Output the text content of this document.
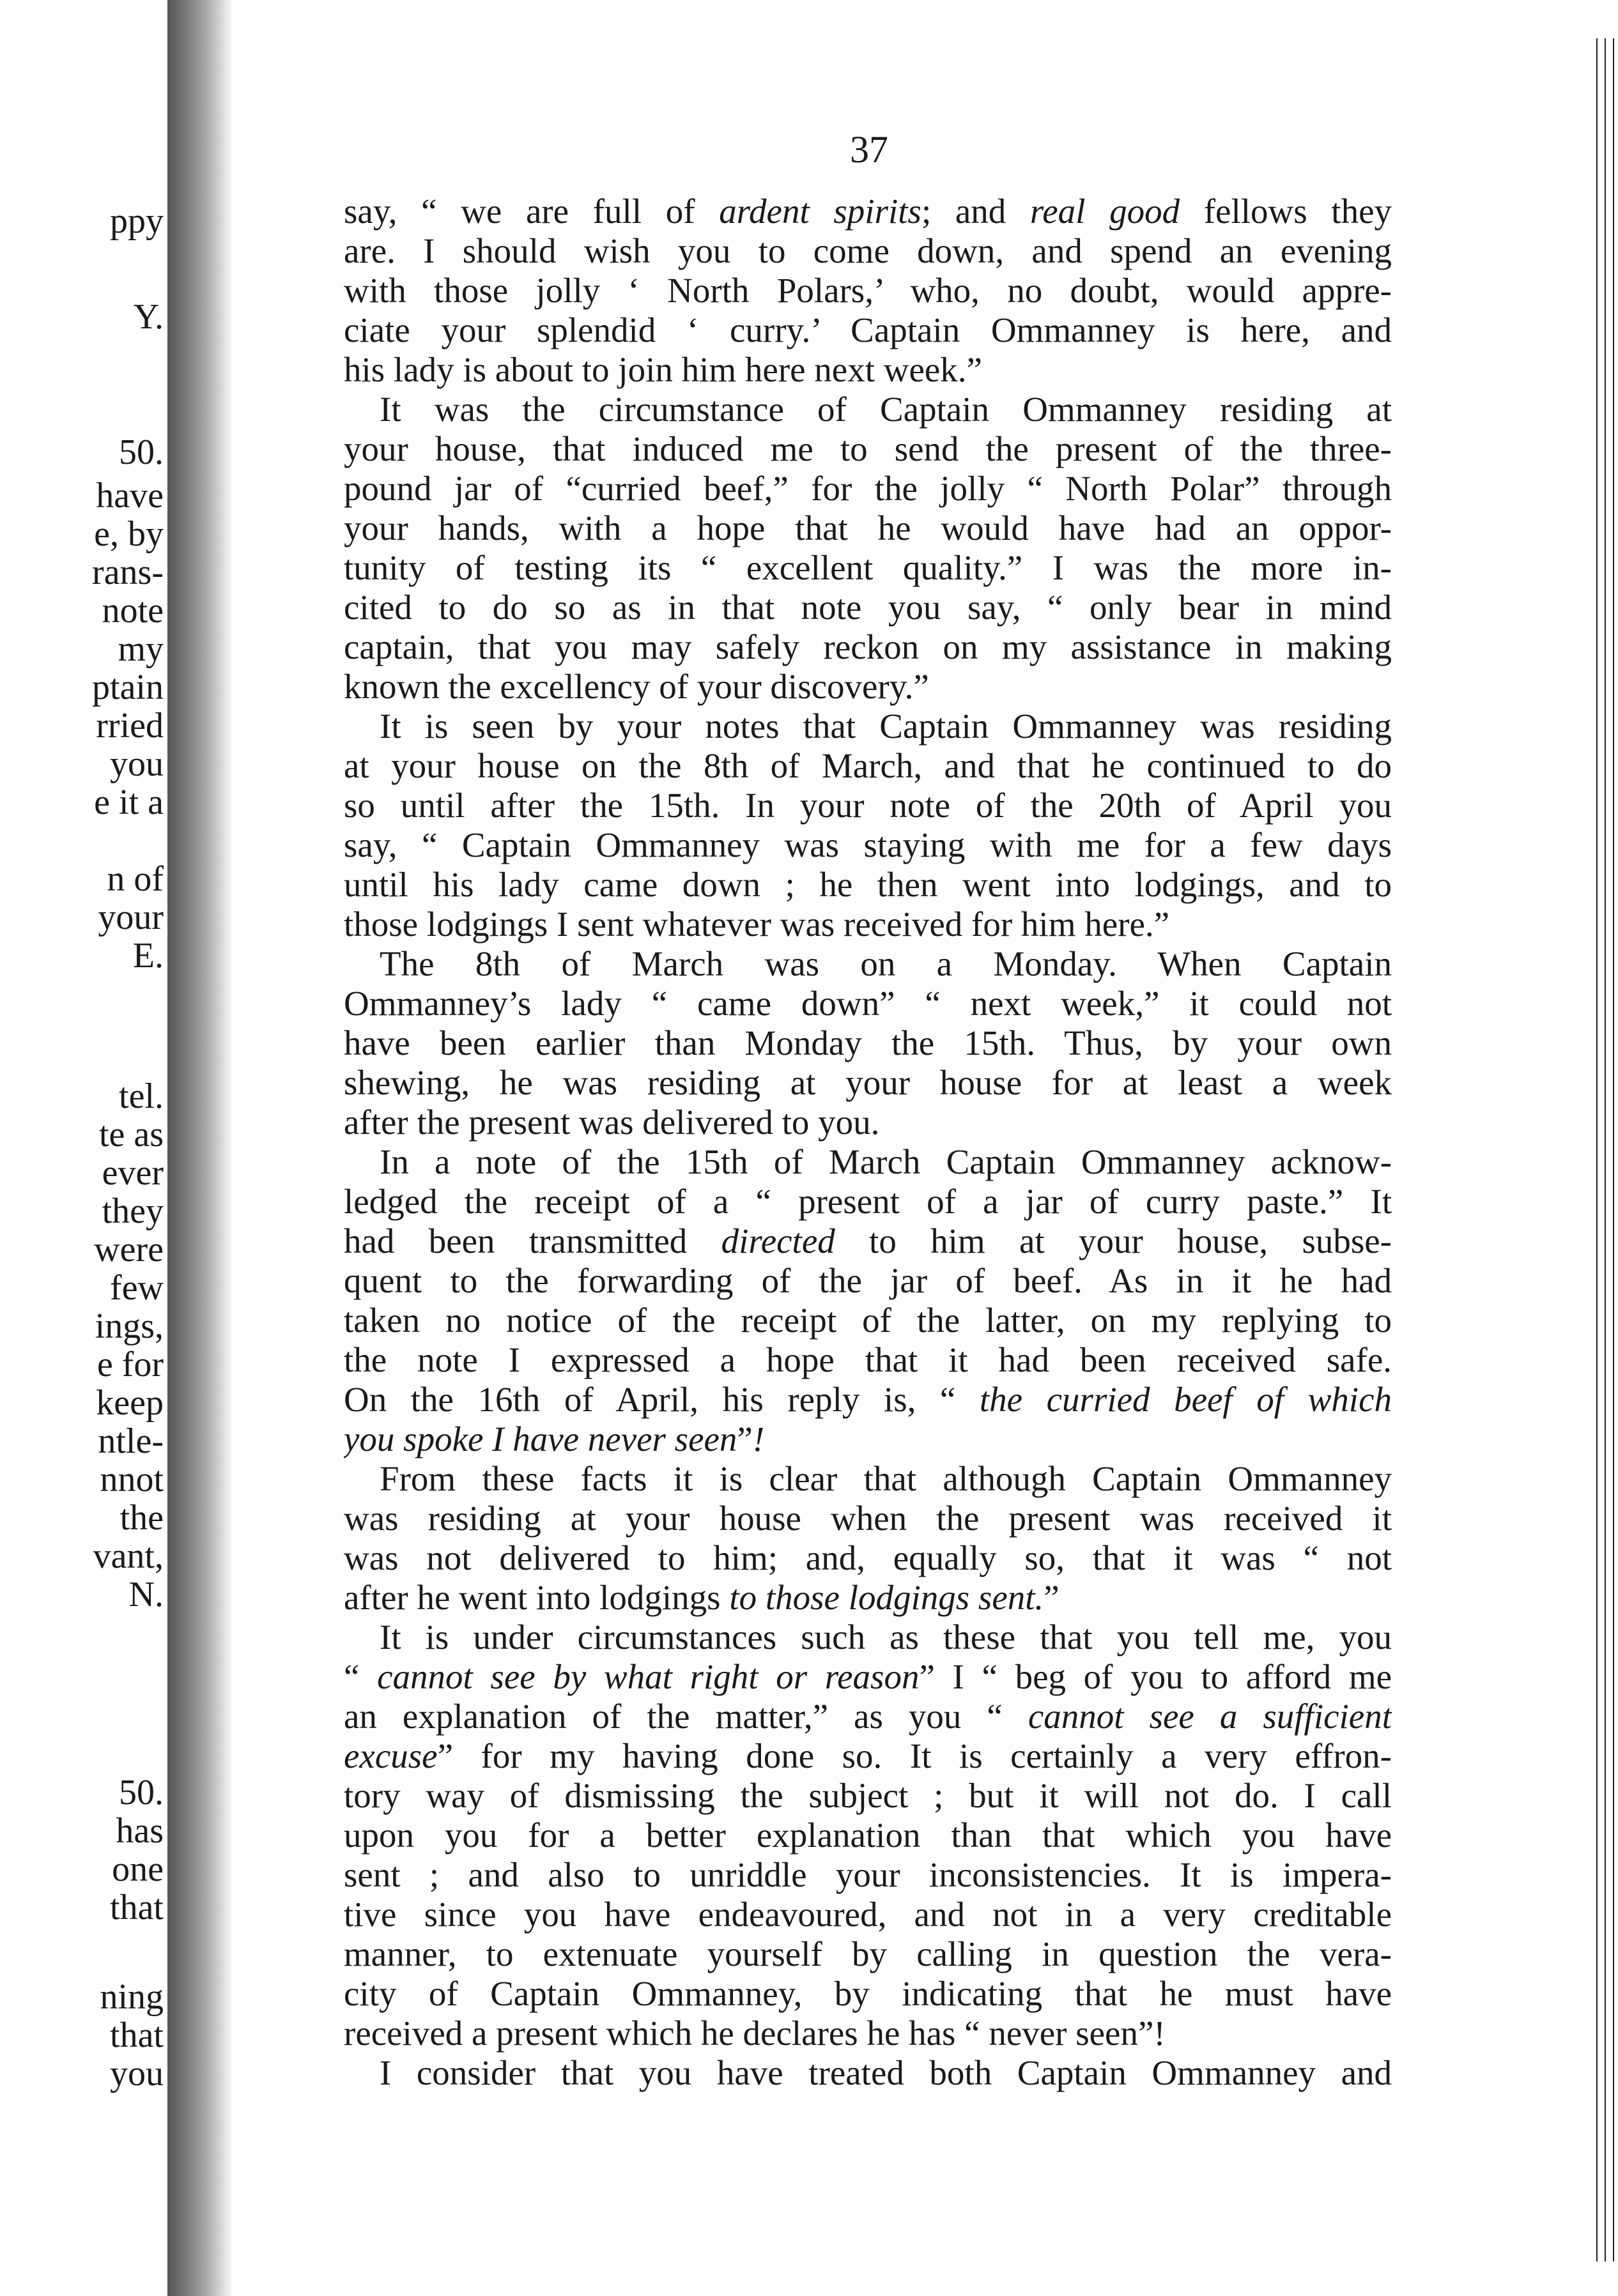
ppy
Y.
50.
have
e, by
rans-
note
my
ptain
rried
you
e it a
n of
your
E.
tel.
te as
ever
they
were
few
ings,
e for
keep
ntle-
nnot
the
vant,
N.
50.
has
one
that
ning
that
you
37
say, “ we are full of ardent spirits; and real good fellows they
are. I should wish you to come down, and spend an evening
with those jolly ‘ North Polars,’ who, no doubt, would appre-
ciate your splendid ‘ curry.’ Captain Ommanney is here, and
his lady is about to join him here next week.”
It was the circumstance of Captain Ommanney residing at
your house, that induced me to send the present of the three-
pound jar of “curried beef,” for the jolly “ North Polar” through
your hands, with a hope that he would have had an oppor-
tunity of testing its “ excellent quality.” I was the more in-
cited to do so as in that note you say, “ only bear in mind
captain, that you may safely reckon on my assistance in making
known the excellency of your discovery.”
It is seen by your notes that Captain Ommanney was residing
at your house on the 8th of March, and that he continued to do
so until after the 15th. In your note of the 20th of April you
say, “ Captain Ommanney was staying with me for a few days
until his lady came down ; he then went into lodgings, and to
those lodgings I sent whatever was received for him here.”
The 8th of March was on a Monday. When Captain
Ommanney’s lady “ came down” “ next week,” it could not
have been earlier than Monday the 15th. Thus, by your own
shewing, he was residing at your house for at least a week
after the present was delivered to you.
In a note of the 15th of March Captain Ommanney acknow-
ledged the receipt of a “ present of a jar of curry paste.” It
had been transmitted directed to him at your house, subse-
quent to the forwarding of the jar of beef. As in it he had
taken no notice of the receipt of the latter, on my replying to
the note I expressed a hope that it had been received safe.
On the 16th of April, his reply is, “ the curried beef of which
you spoke I have never seen”!
From these facts it is clear that although Captain Ommanney
was residing at your house when the present was received it
was not delivered to him; and, equally so, that it was “ not
after he went into lodgings to those lodgings sent.”
It is under circumstances such as these that you tell me, you
“ cannot see by what right or reason” I “ beg of you to afford me
an explanation of the matter,” as you “ cannot see a sufficient
excuse” for my having done so. It is certainly a very effron-
tory way of dismissing the subject ; but it will not do. I call
upon you for a better explanation than that which you have
sent ; and also to unriddle your inconsistencies. It is impera-
tive since you have endeavoured, and not in a very creditable
manner, to extenuate yourself by calling in question the vera-
city of Captain Ommanney, by indicating that he must have
received a present which he declares he has “ never seen”!
I consider that you have treated both Captain Ommanney and
